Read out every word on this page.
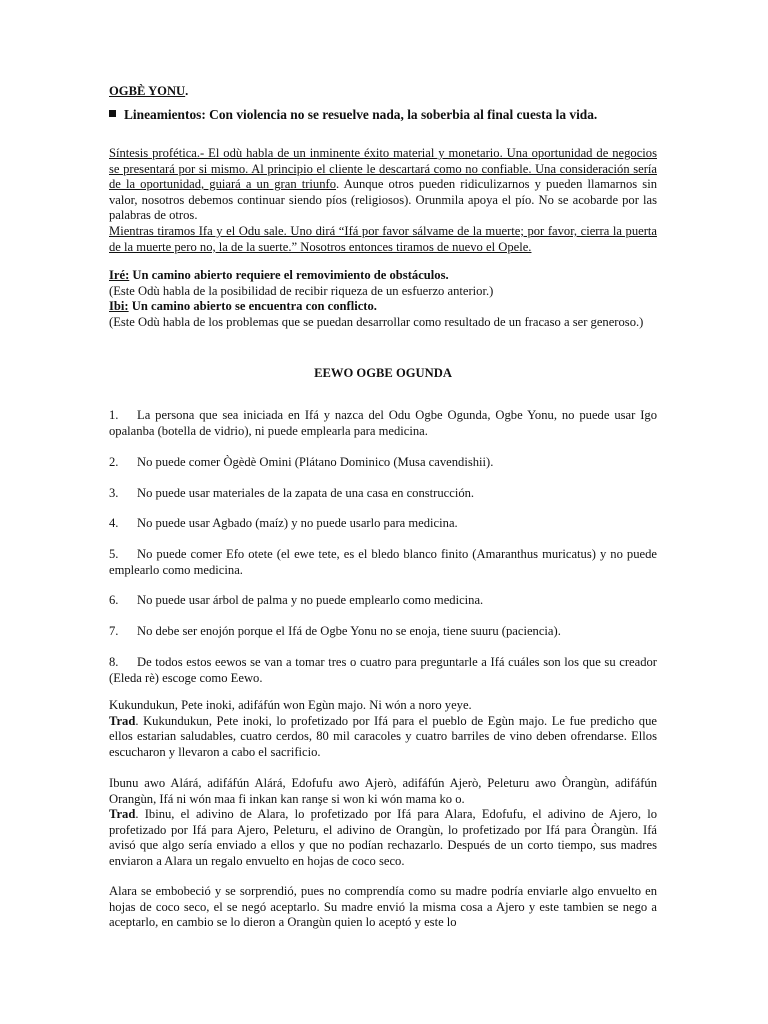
OGBÈ YONU.
Lineamientos: Con violencia no se resuelve nada, la soberbia al final cuesta la vida.
Síntesis profética.- El odù habla de un inminente éxito material y monetario. Una oportunidad de negocios se presentará por si mismo. Al principio el cliente le descartará como no confiable. Una consideración sería de la oportunidad, guiará a un gran triunfo. Aunque otros pueden ridiculizarnos y pueden llamarnos sin valor, nosotros debemos continuar siendo píos (religiosos). Orunmila apoya el pío. No se acobarde por las palabras de otros.
Mientras tiramos Ifa y el Odu sale. Uno dirá “Ifá por favor sálvame de la muerte; por favor, cierra la puerta de la muerte pero no, la de la suerte.” Nosotros entonces tiramos de nuevo el Opele.
Iré: Un camino abierto requiere el removimiento de obstáculos.
(Este Odù habla de la posibilidad de recibir riqueza de un esfuerzo anterior.)
Ibi: Un camino abierto se encuentra con conflicto.
(Este Odù habla de los problemas que se puedan desarrollar como resultado de un fracaso a ser generoso.)
EEWO OGBE OGUNDA
1. La persona que sea iniciada en Ifá y nazca del Odu Ogbe Ogunda, Ogbe Yonu, no puede usar Igo opalanba (botella de vidrio), ni puede emplearla para medicina.
2. No puede comer Ògèdè Omini (Plátano Dominico (Musa cavendishii).
3. No puede usar materiales de la zapata de una casa en construcción.
4. No puede usar Agbado (maíz) y no puede usarlo para medicina.
5. No puede comer Efo otete (el ewe tete, es el bledo blanco finito (Amaranthus muricatus) y no puede emplearlo como medicina.
6. No puede usar árbol de palma y no puede emplearlo como medicina.
7. No debe ser enojón porque el Ifá de Ogbe Yonu no se enoja, tiene suuru (paciencia).
8. De todos estos eewos se van a tomar tres o cuatro para preguntarle a Ifá cuáles son los que su creador (Eleda rè) escoge como Eewo.
Kukundukun, Pete inoki, adifáfún won Egùn majo. Ni wón a noro yeye.
Trad. Kukundukun, Pete inoki, lo profetizado por Ifá para el pueblo de Egùn majo. Le fue predicho que ellos estarian saludables, cuatro cerdos, 80 mil caracoles y cuatro barriles de vino deben ofrendarse. Ellos escucharon y llevaron a cabo el sacrificio.
Ibunu awo Alárá, adifáfún Alárá, Edofufu awo Ajerò, adifáfún Ajerò, Peleturu awo Òrangùn, adifáfún Orangùn, Ifá ni wón maa fi inkan kan ranşe si won ki wón mama ko o.
Trad. Ibinu, el adivino de Alara, lo profetizado por Ifá para Alara, Edofufu, el adivino de Ajero, lo profetizado por Ifá para Ajero, Peleturu, el adivino de Orangùn, lo profetizado por Ifá para Òrangùn. Ifá avisó que algo sería enviado a ellos y que no podían rechazarlo. Después de un corto tiempo, sus madres enviaron a Alara un regalo envuelto en hojas de coco seco.
Alara se embobeció y se sorprendió, pues no comprendía como su madre podría enviarle algo envuelto en hojas de coco seco, el se negó aceptarlo. Su madre envió la misma cosa a Ajero y este tambien se nego a aceptarlo, en cambio se lo dieron a Orangùn quien lo aceptó y este lo
